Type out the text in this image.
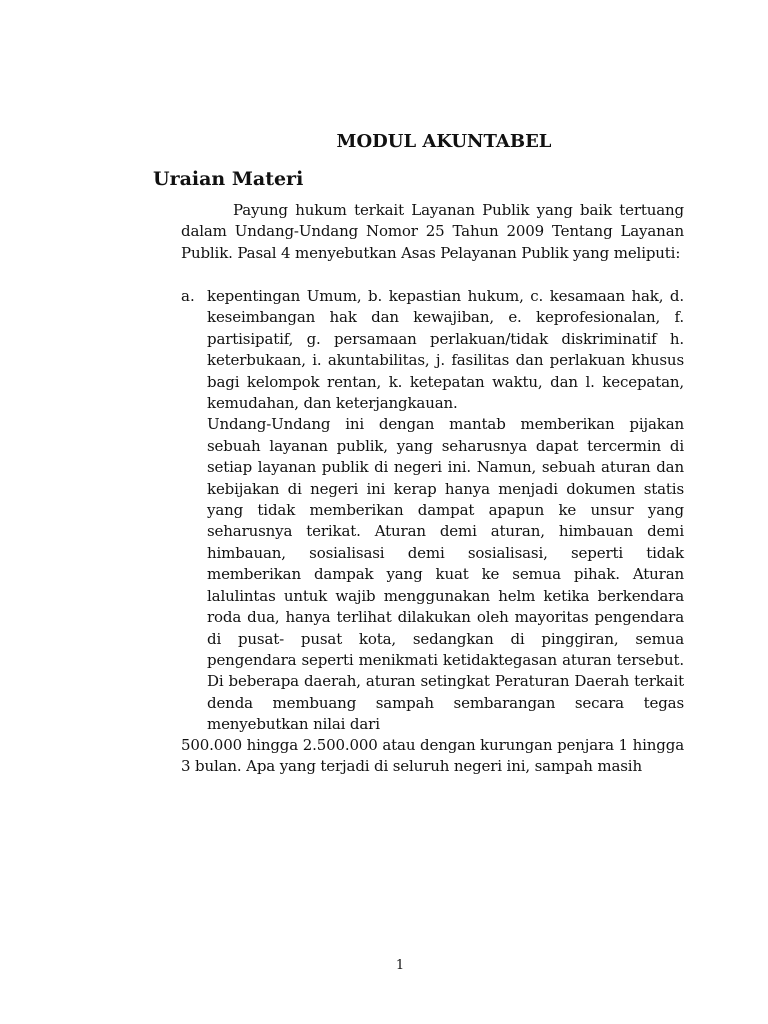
MODUL AKUNTABEL
Uraian Materi
Payung hukum terkait Layanan Publik yang baik tertuang dalam Undang-Undang Nomor 25 Tahun 2009 Tentang Layanan Publik. Pasal 4 menyebutkan Asas Pelayanan Publik yang meliputi:
a. kepentingan Umum, b. kepastian hukum, c. kesamaan hak, d. keseimbangan hak dan kewajiban, e. keprofesionalan, f. partisipatif, g. persamaan perlakuan/tidak diskriminatif h. keterbukaan, i. akuntabilitas, j. fasilitas dan perlakuan khusus bagi kelompok rentan, k. ketepatan waktu, dan l. kecepatan, kemudahan, dan keterjangkauan.
Undang-Undang ini dengan mantab memberikan pijakan sebuah layanan publik, yang seharusnya dapat tercermin di setiap layanan publik di negeri ini. Namun, sebuah aturan dan kebijakan di negeri ini kerap hanya menjadi dokumen statis yang tidak memberikan dampat apapun ke unsur yang seharusnya terikat. Aturan demi aturan, himbauan demi himbauan, sosialisasi demi sosialisasi, seperti tidak memberikan dampak yang kuat ke semua pihak. Aturan lalulintas untuk wajib menggunakan helm ketika berkendara roda dua, hanya terlihat dilakukan oleh mayoritas pengendara di pusat- pusat kota, sedangkan di pinggiran, semua pengendara seperti menikmati ketidaktegasan aturan tersebut. Di beberapa daerah, aturan setingkat Peraturan Daerah terkait denda membuang sampah sembarangan secara tegas menyebutkan nilai dari
500.000 hingga 2.500.000 atau dengan kurungan penjara 1 hingga 3 bulan. Apa yang terjadi di seluruh negeri ini, sampah masih
1
